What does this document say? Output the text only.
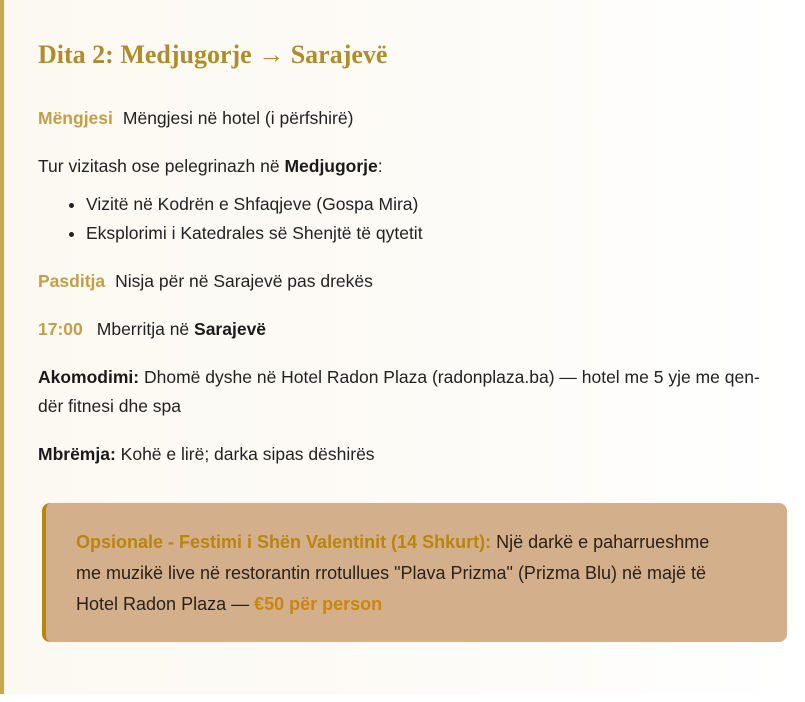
Dita 2: Medjugorje → Sarajevë
Mëngjesi Mëngjesi në hotel (i përfshirë)
Tur vizitash ose pelegrinazh në Medjugorje:
• Vizitë në Kodrën e Shfaqjeve (Gospa Mira)
• Eksplorimi i Katedrales së Shenjtë të qytetit
Pasditja Nisja për në Sarajevë pas drekës
17:00 Mberritja në Sarajevë
Akomodimi: Dhomë dyshe në Hotel Radon Plaza (radonplaza.ba) — hotel me 5 yje me qen-
dër fitnesi dhe spa
Mbrëmja: Kohë e lirë; darka sipas dëshirës
Opsionale - Festimi i Shën Valentinit (14 Shkurt): Një darkë e paharrueshme
me muzikë live në restorantin rrotullues "Plava Prizma" (Prizma Blu) në majë të
Hotel Radon Plaza — €50 për person
